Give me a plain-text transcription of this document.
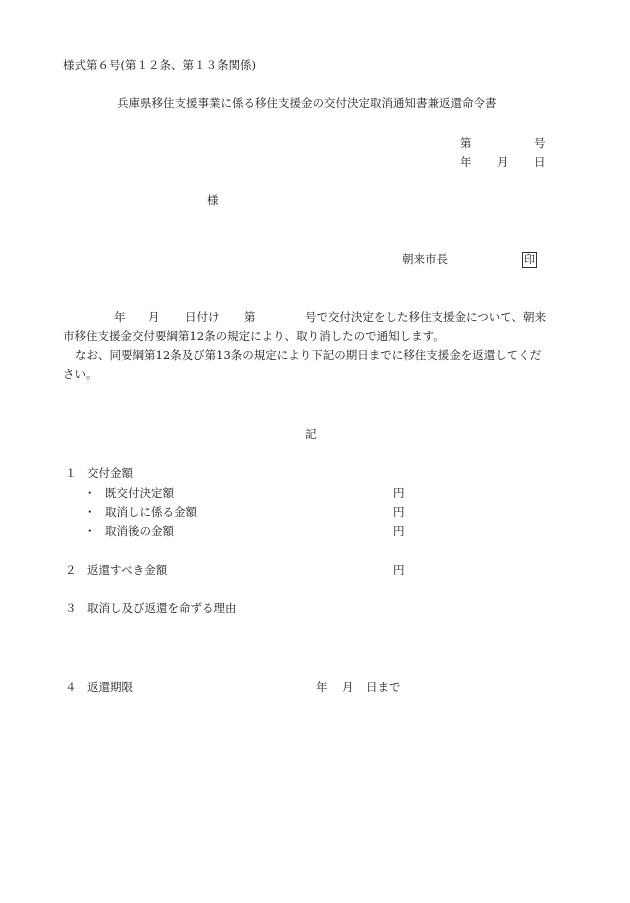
様式第６号(第１２条、第１３条関係)
兵庫県移住支援事業に係る移住支援金の交付決定取消通知書兼返還命令書
第	号
年 月 日
様
朝来市長	印
年 月 日付け 第	号で交付決定をした移住支援金について、朝来
市移住支援金交付要綱第12条の規定により、取り消したので通知します。
なお、同要綱第12条及び第13条の規定により下記の期日までに移住支援金を返還してくだ
さい。
記
１ 交付金額
・ 既交付決定額	円
・ 取消しに係る金額	円
・ 取消後の金額	円
２ 返還すべき金額	円
３ 取消し及び返還を命ずる理由
４ 返還期限	年 月 日まで
